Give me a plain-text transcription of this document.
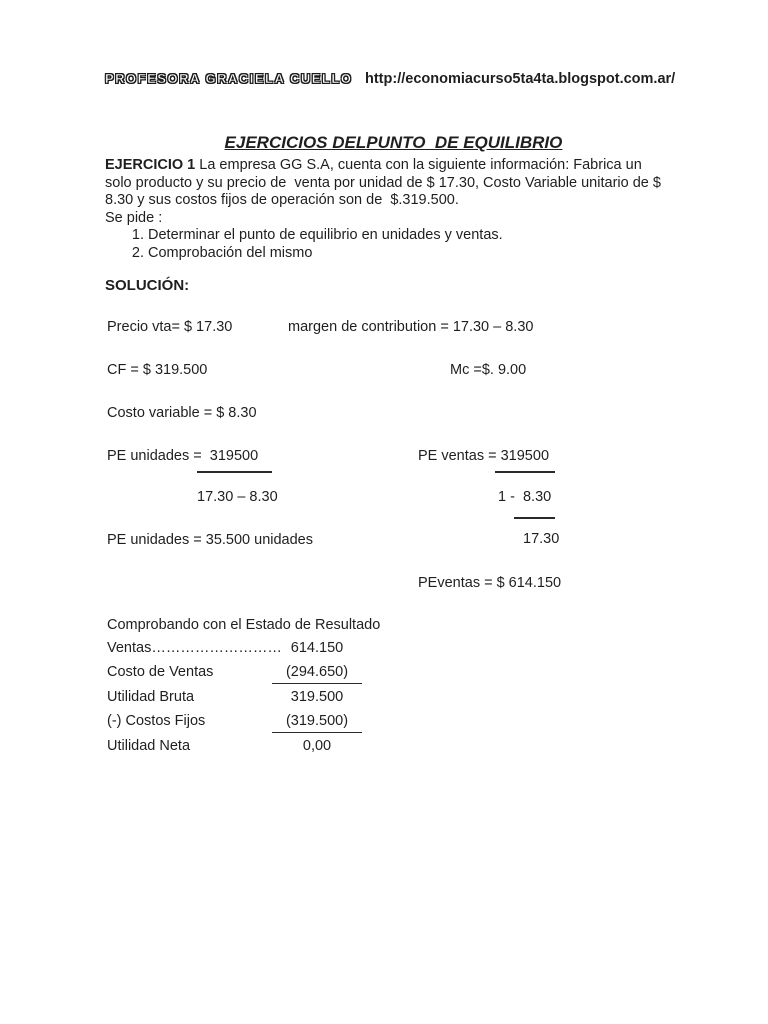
PROFESORA GRACIELA CUELLO http://economiacurso5ta4ta.blogspot.com.ar/

EJERCICIOS DELPUNTO  DE EQUILIBRIO

EJERCICIO 1 La empresa GG S.A, cuenta con la siguiente información: Fabrica un solo producto y su precio de  venta por unidad de $ 17.30, Costo Variable unitario de $ 8.30 y sus costos fijos de operación son de  $.319.500.
Se pide :
1. Determinar el punto de equilibrio en unidades y ventas.
2. Comprobación del mismo
SOLUCIÓN:
Precio vta= $ 17.30	margen de contribution = 17.30 – 8.30
CF = $ 319.500	Mc =$. 9.00
Costo variable = $ 8.30
PE unidades =  319500
17.30 – 8.30
PE unidades = 35.500 unidades
PE ventas = 319500
1 -  8.30
17.30
PEventas = $ 614.150
Comprobando con el Estado de Resultado
Ventas……………………… 614.150
Costo de Ventas	(294.650)
Utilidad Bruta	319.500
(-) Costos Fijos	(319.500)
Utilidad Neta	0,00
